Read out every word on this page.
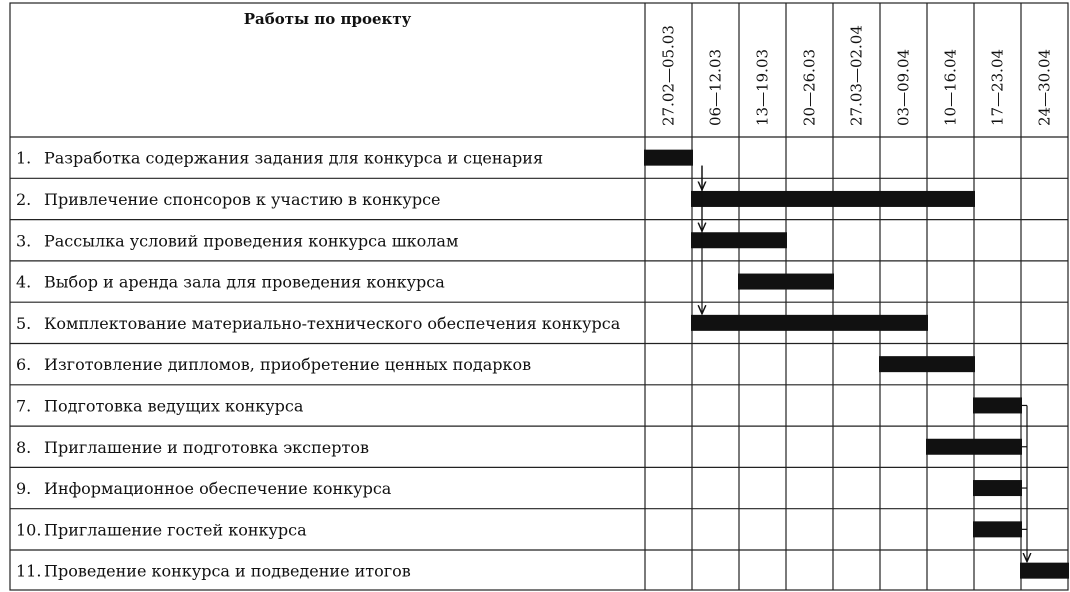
Работы по проекту
27.02—05.03 06—12.03 13—19.03 20—26.03 27.03—02.04 03—09.04 10—16.04 17—23.04 24—30.04
1. Разработка содержания задания для конкурса и сценария
2. Привлечение спонсоров к участию в конкурсе
3. Рассылка условий проведения конкурса школам
4. Выбор и аренда зала для проведения конкурса
5. Комплектование материально-технического обеспечения конкурса
6. Изготовление дипломов, приобретение ценных подарков
7. Подготовка ведущих конкурса
8. Приглашение и подготовка экспертов
9. Информационное обеспечение конкурса
10. Приглашение гостей конкурса
11. Проведение конкурса и подведение итогов
